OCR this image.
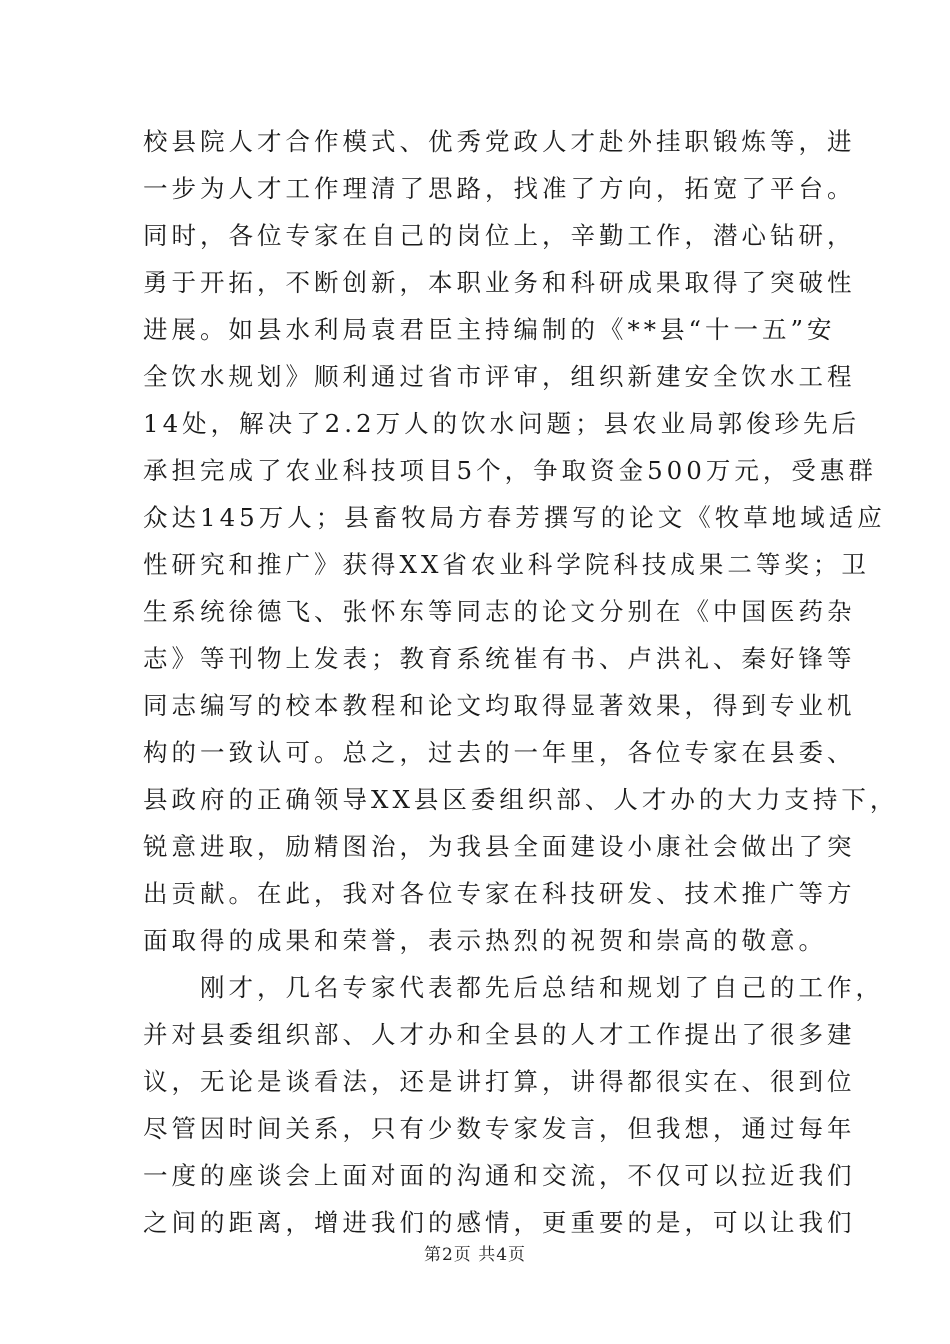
校县院人才合作模式、优秀党政人才赴外挂职锻炼等，进
一步为人才工作理清了思路，找准了方向，拓宽了平台。
同时，各位专家在自己的岗位上，辛勤工作，潜心钻研，
勇于开拓，不断创新，本职业务和科研成果取得了突破性
进展。如县水利局袁君臣主持编制的《**县“十一五”安
全饮水规划》顺利通过省市评审，组织新建安全饮水工程
14处，解决了2.2万人的饮水问题；县农业局郭俊珍先后
承担完成了农业科技项目5个，争取资金500万元，受惠群
众达145万人；县畜牧局方春芳撰写的论文《牧草地域适应
性研究和推广》获得XX省农业科学院科技成果二等奖；卫
生系统徐德飞、张怀东等同志的论文分别在《中国医药杂
志》等刊物上发表；教育系统崔有书、卢洪礼、秦好锋等
同志编写的校本教程和论文均取得显著效果，得到专业机
构的一致认可。总之，过去的一年里，各位专家在县委、
县政府的正确领导XX县区委组织部、人才办的大力支持下，
锐意进取，励精图治，为我县全面建设小康社会做出了突
出贡献。在此，我对各位专家在科技研发、技术推广等方
面取得的成果和荣誉，表示热烈的祝贺和崇高的敬意。
　　刚才，几名专家代表都先后总结和规划了自己的工作，
并对县委组织部、人才办和全县的人才工作提出了很多建
议，无论是谈看法，还是讲打算，讲得都很实在、很到位
尽管因时间关系，只有少数专家发言，但我想，通过每年
一度的座谈会上面对面的沟通和交流，不仅可以拉近我们
之间的距离，增进我们的感情，更重要的是，可以让我们
第2页 共4页
